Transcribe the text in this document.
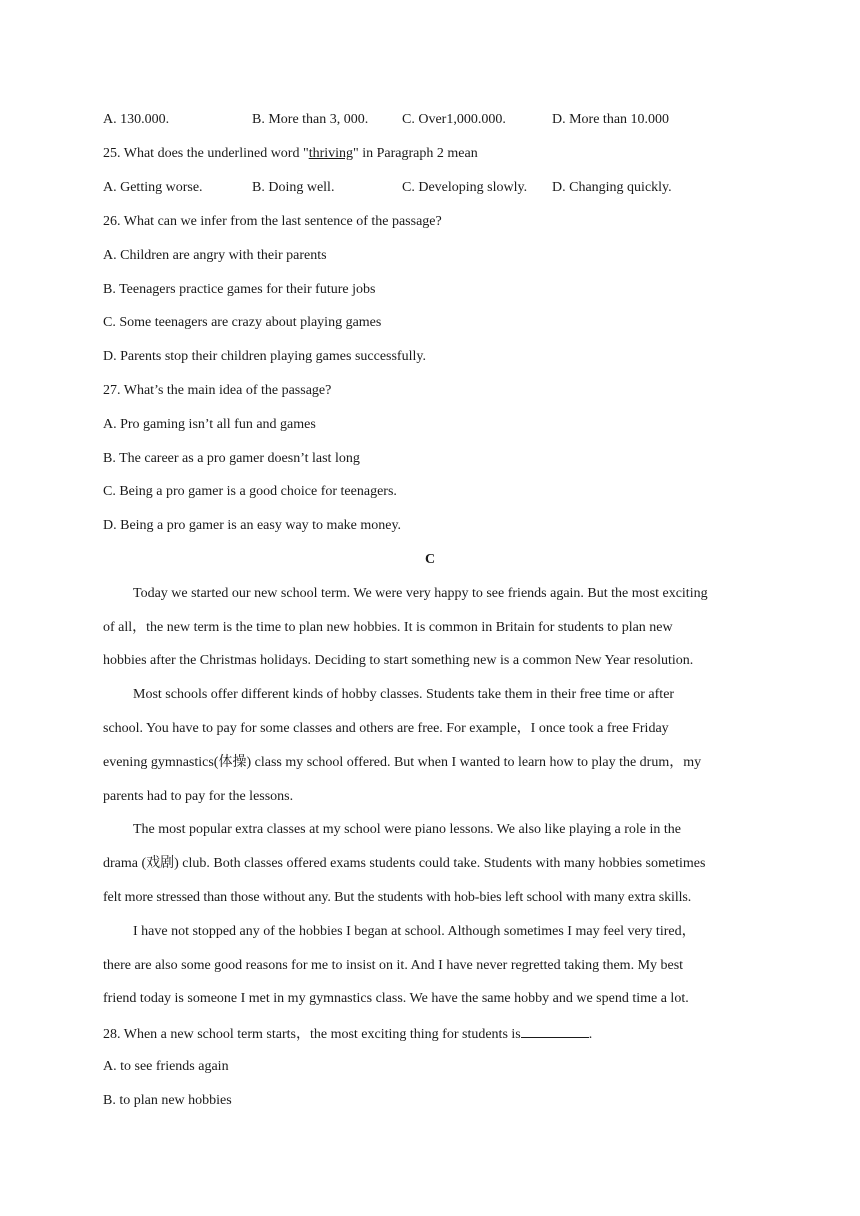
A. 130.000.	B. More than 3, 000. C. Over1,000.000.	D. More than 10.000
25. What does the underlined word "thriving" in Paragraph 2 mean
A. Getting worse.	B. Doing well.	C. Developing slowly. D. Changing quickly.
26. What can we infer from the last sentence of the passage?
A. Children are angry with their parents
B. Teenagers practice games for their future jobs
C. Some teenagers are crazy about playing games
D. Parents stop their children playing games successfully.
27. What’s the main idea of the passage?
A. Pro gaming isn’t all fun and games
B. The career as a pro gamer doesn’t last long
C. Being a pro gamer is a good choice for teenagers.
D. Being a pro gamer is an easy way to make money.
C
Today we started our new school term. We were very happy to see friends again. But the most exciting
of all，the new term is the time to plan new hobbies. It is common in Britain for students to plan new
hobbies after the Christmas holidays. Deciding to start something new is a common New Year resolution.
Most schools offer different kinds of hobby classes. Students take them in their free time or after
school. You have to pay for some classes and others are free. For example，I once took a free Friday
evening gymnastics(体操) class my school offered. But when I wanted to learn how to play the drum，my
parents had to pay for the lessons.
The most popular extra classes at my school were piano lessons. We also like playing a role in the
drama (戏剧) club. Both classes offered exams students could take. Students with many hobbies sometimes
felt more stressed than those without any. But the students with hob-bies left school with many extra skills.
I have not stopped any of the hobbies I began at school. Although sometimes I may feel very tired，
there are also some good reasons for me to insist on it. And I have never regretted taking them. My best
friend today is someone I met in my gymnastics class. We have the same hobby and we spend time a lot.
28. When a new school term starts，the most exciting thing for students is	.
A. to see friends again
B. to plan new hobbies
